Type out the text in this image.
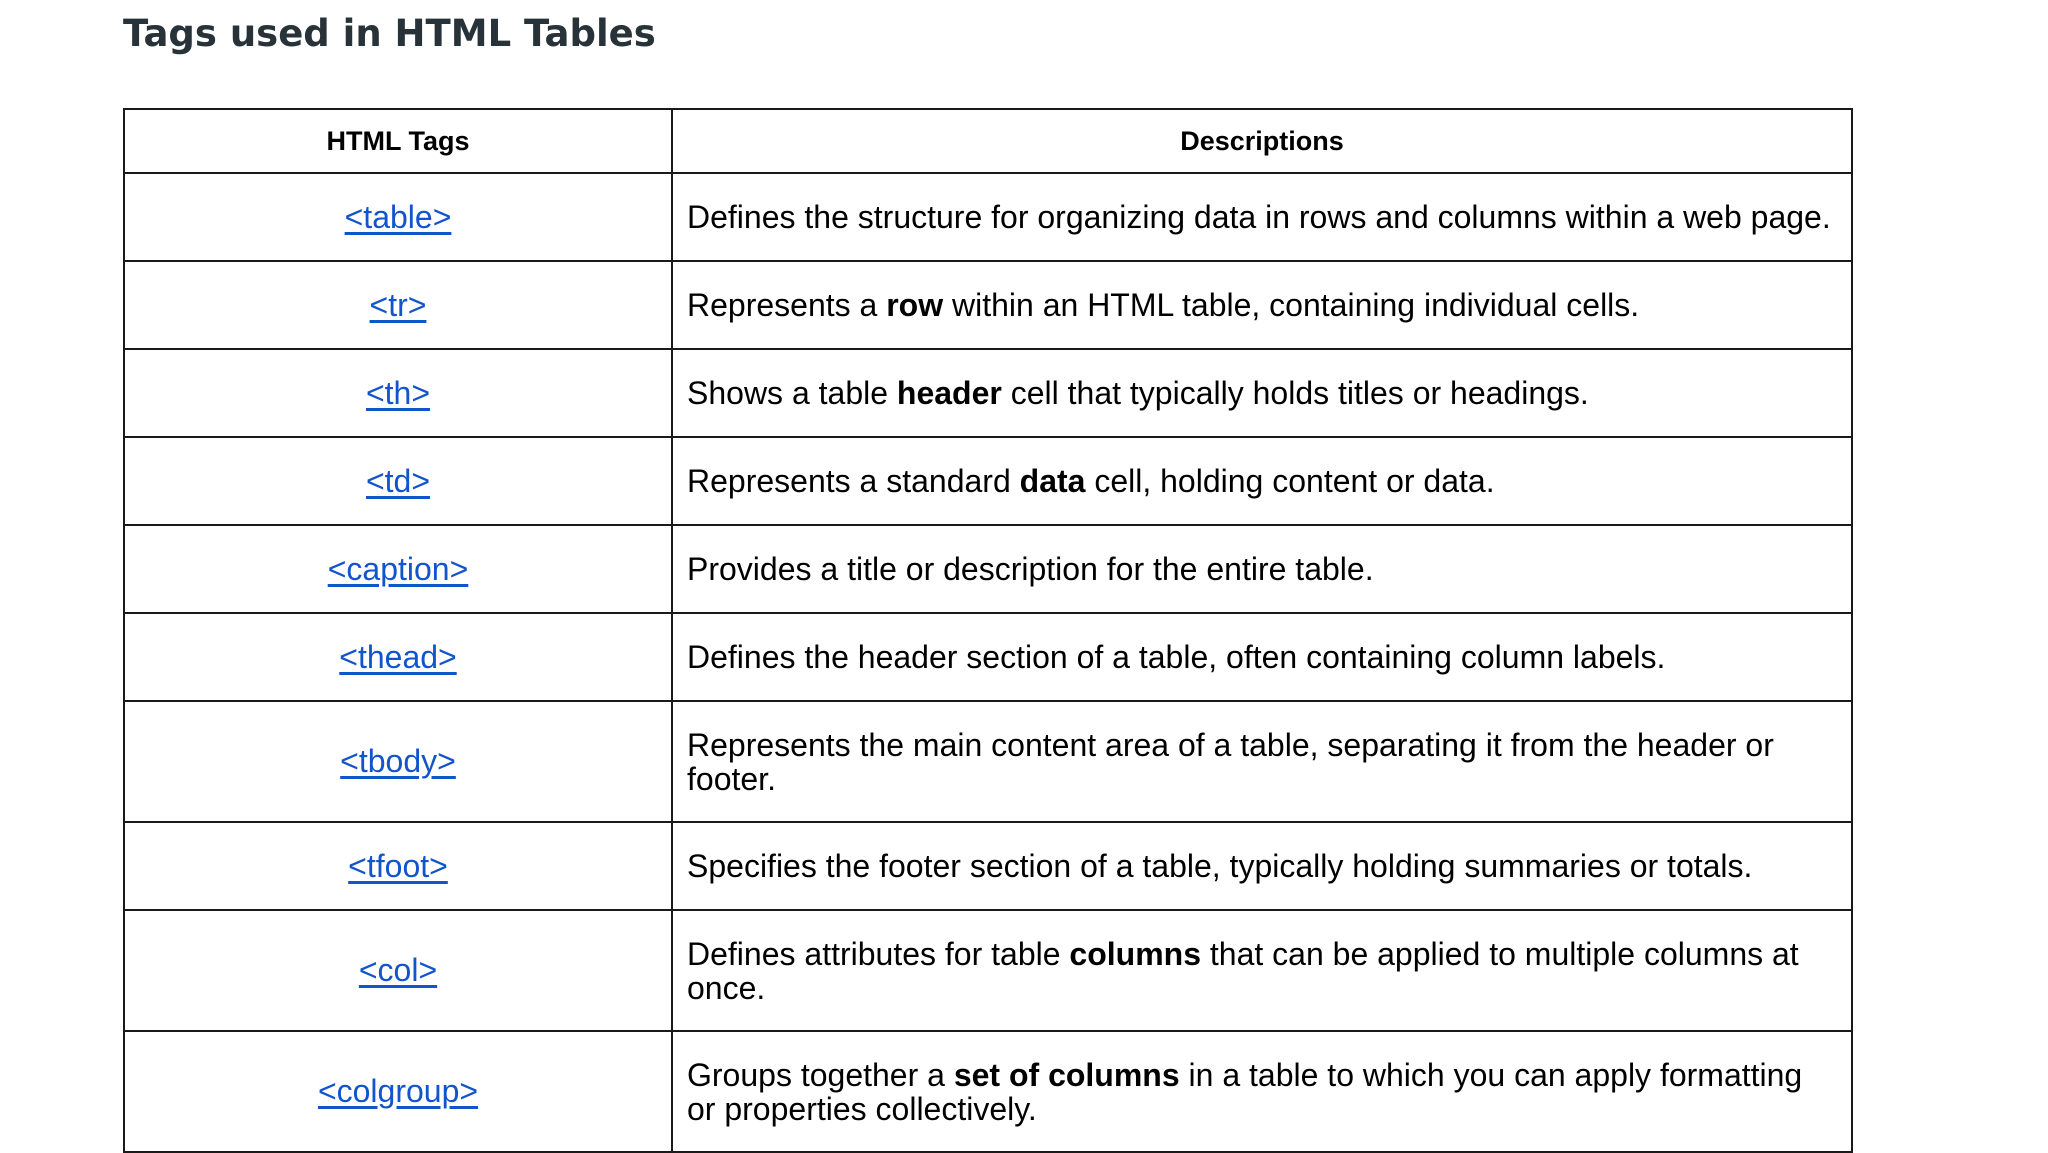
Tags used in HTML Tables
HTML Tags	Descriptions
<table>	Defines the structure for organizing data in rows and columns within a web page.
<tr>	Represents a row within an HTML table, containing individual cells.
<th>	Shows a table header cell that typically holds titles or headings.
<td>	Represents a standard data cell, holding content or data.
<caption>	Provides a title or description for the entire table.
<thead>	Defines the header section of a table, often containing column labels.
<tbody>	Represents the main content area of a table, separating it from the header or footer.
<tfoot>	Specifies the footer section of a table, typically holding summaries or totals.
<col>	Defines attributes for table columns that can be applied to multiple columns at once.
<colgroup>	Groups together a set of columns in a table to which you can apply formatting or properties collectively.
